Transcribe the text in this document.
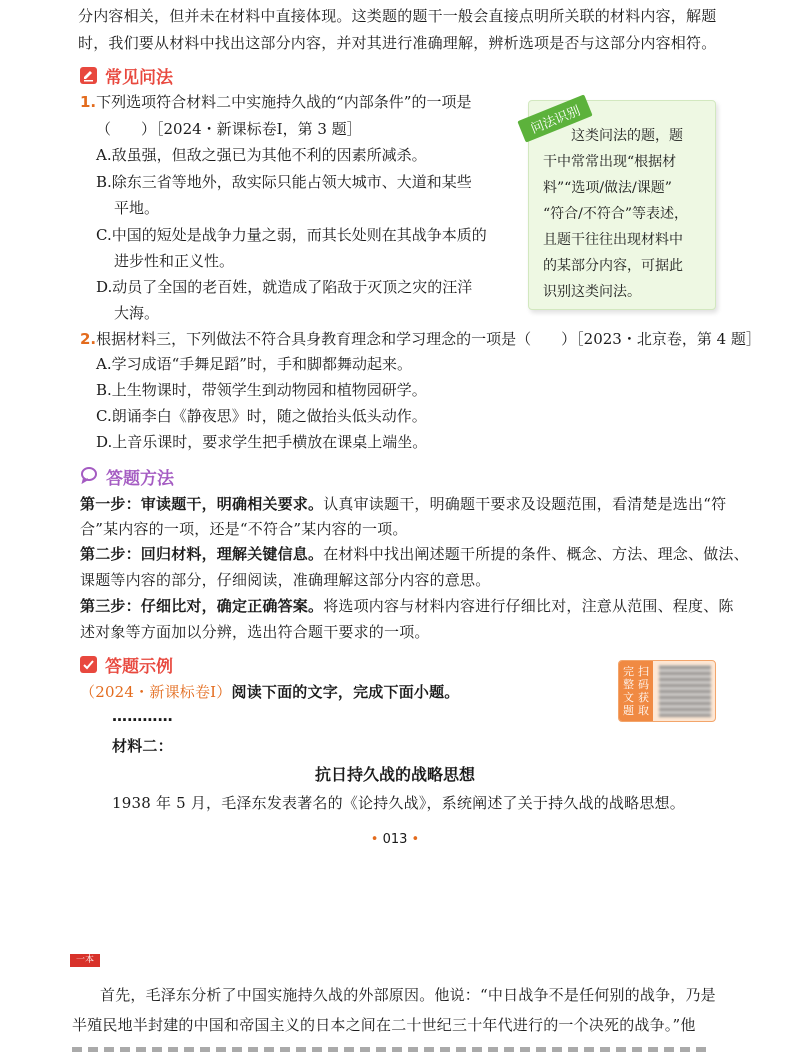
分内容相关，但并未在材料中直接体现。这类题的题干一般会直接点明所关联的材料内容，解题
时，我们要从材料中找出这部分内容，并对其进行准确理解，辨析选项是否与这部分内容相符。
常见问法
1.下列选项符合材料二中实施持久战的“内部条件”的一项是
（　　）［2024・新课标卷Ⅰ，第 3 题］
A.敌虽强，但敌之强已为其他不利的因素所减杀。
B.除东三省等地外，敌实际只能占领大城市、大道和某些
平地。
C.中国的短处是战争力量之弱，而其长处则在其战争本质的
进步性和正义性。
D.动员了全国的老百姓，就造成了陷敌于灭顶之灾的汪洋
大海。
问法识别
这类问法的题，题
干中常常出现“根据材
料”“选项/做法/课题”
“符合/不符合”等表述，
且题干往往出现材料中
的某部分内容，可据此
识别这类问法。
2.根据材料三，下列做法不符合具身教育理念和学习理念的一项是（　　）［2023・北京卷，第 4 题］
A.学习成语“手舞足蹈”时，手和脚都舞动起来。
B.上生物课时，带领学生到动物园和植物园研学。
C.朗诵李白《静夜思》时，随之做抬头低头动作。
D.上音乐课时，要求学生把手横放在课桌上端坐。
答题方法
第一步：审读题干，明确相关要求。认真审读题干，明确题干要求及设题范围，看清楚是选出“符
合”某内容的一项，还是“不符合”某内容的一项。
第二步：回归材料，理解关键信息。在材料中找出阐述题干所提的条件、概念、方法、理念、做法、
课题等内容的部分，仔细阅读，准确理解这部分内容的意思。
第三步：仔细比对，确定正确答案。将选项内容与材料内容进行仔细比对，注意从范围、程度、陈
述对象等方面加以分辨，选出符合题干要求的一项。
答题示例
（2024・新课标卷Ⅰ）阅读下面的文字，完成下面小题。
…………
材料二：
抗日持久战的战略思想
1938 年 5 月，毛泽东发表著名的《论持久战》，系统阐述了关于持久战的战略思想。
完 扫
整 码
文 获
题 取
• 013 •
一本
首先，毛泽东分析了中国实施持久战的外部原因。他说：“中日战争不是任何别的战争，乃是
半殖民地半封建的中国和帝国主义的日本之间在二十世纪三十年代进行的一个决死的战争。”他
